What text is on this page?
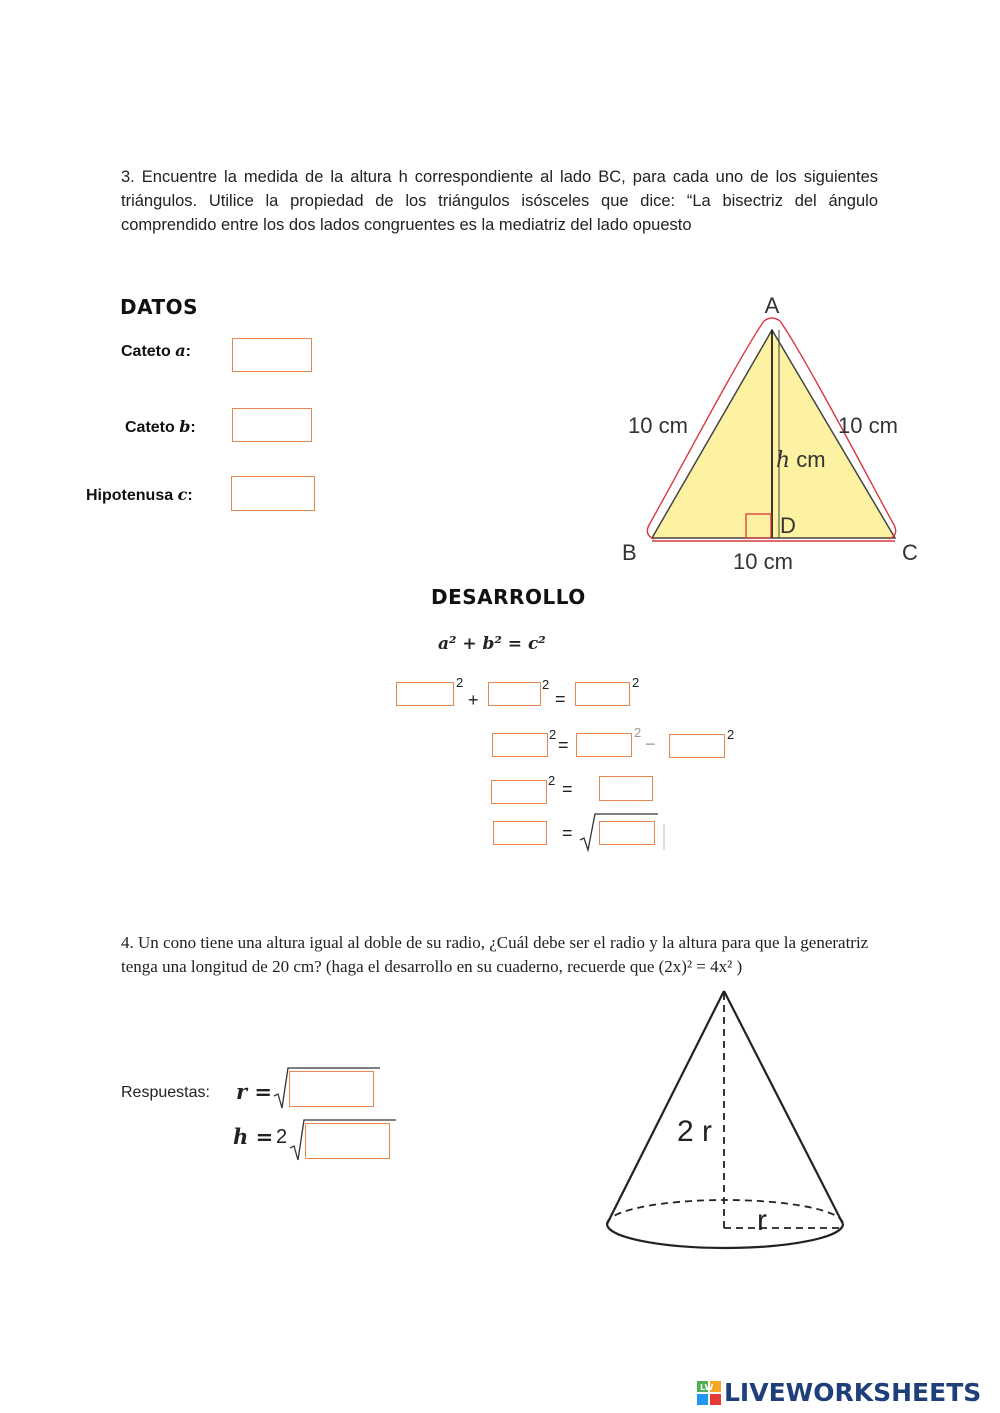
3. Encuentre la medida de la altura h correspondiente al lado BC, para cada uno de los siguientes triángulos. Utilice la propiedad de los triángulos isósceles que dice: “La bisectriz del ángulo comprendido entre los dos lados congruentes es la mediatriz del lado opuesto
DATOS
Cateto a:
Cateto b:
Hipotenusa c:
A
B	C
D
10 cm	10 cm
10 cm
h cm
DESARROLLO
a² + b² = c²
2
+
2
=
2
2
=
2
−	2
2 =
=
4. Un cono tiene una altura igual al doble de su radio, ¿Cuál debe ser el radio y la altura para que la generatriz tenga una longitud de 20 cm? (haga el desarrollo en su cuaderno, recuerde que (2x)² = 4x² )
Respuestas: r =
h = 2	2 r
r
LW LIVEWORKSHEETS
